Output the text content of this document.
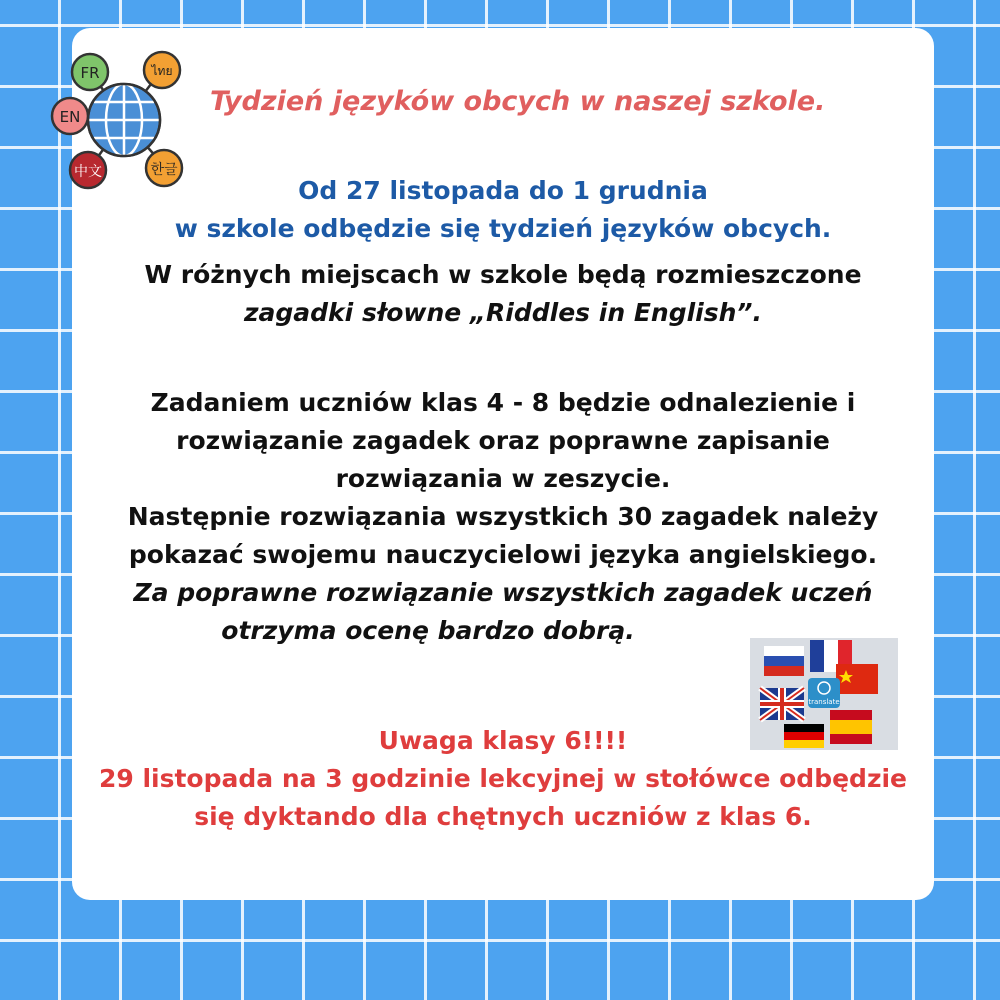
FR	ไทย
EN
中文	한글
Tydzień języków obcych w naszej szkole.
Od 27 listopada do 1 grudnia
w szkole odbędzie się tydzień języków obcych.
W różnych miejscach w szkole będą rozmieszczone
zagadki słowne „Riddles in English”.
Zadaniem uczniów klas 4 - 8 będzie odnalezienie i
rozwiązanie zagadek oraz poprawne zapisanie
rozwiązania w zeszycie.
Następnie rozwiązania wszystkich 30 zagadek należy
pokazać swojemu nauczycielowi języka angielskiego.
Za poprawne rozwiązanie wszystkich zagadek uczeń
otrzyma ocenę bardzo dobrą.
translate
Uwaga klasy 6!!!!
29 listopada na 3 godzinie lekcyjnej w stołówce odbędzie
się dyktando dla chętnych uczniów z klas 6.
